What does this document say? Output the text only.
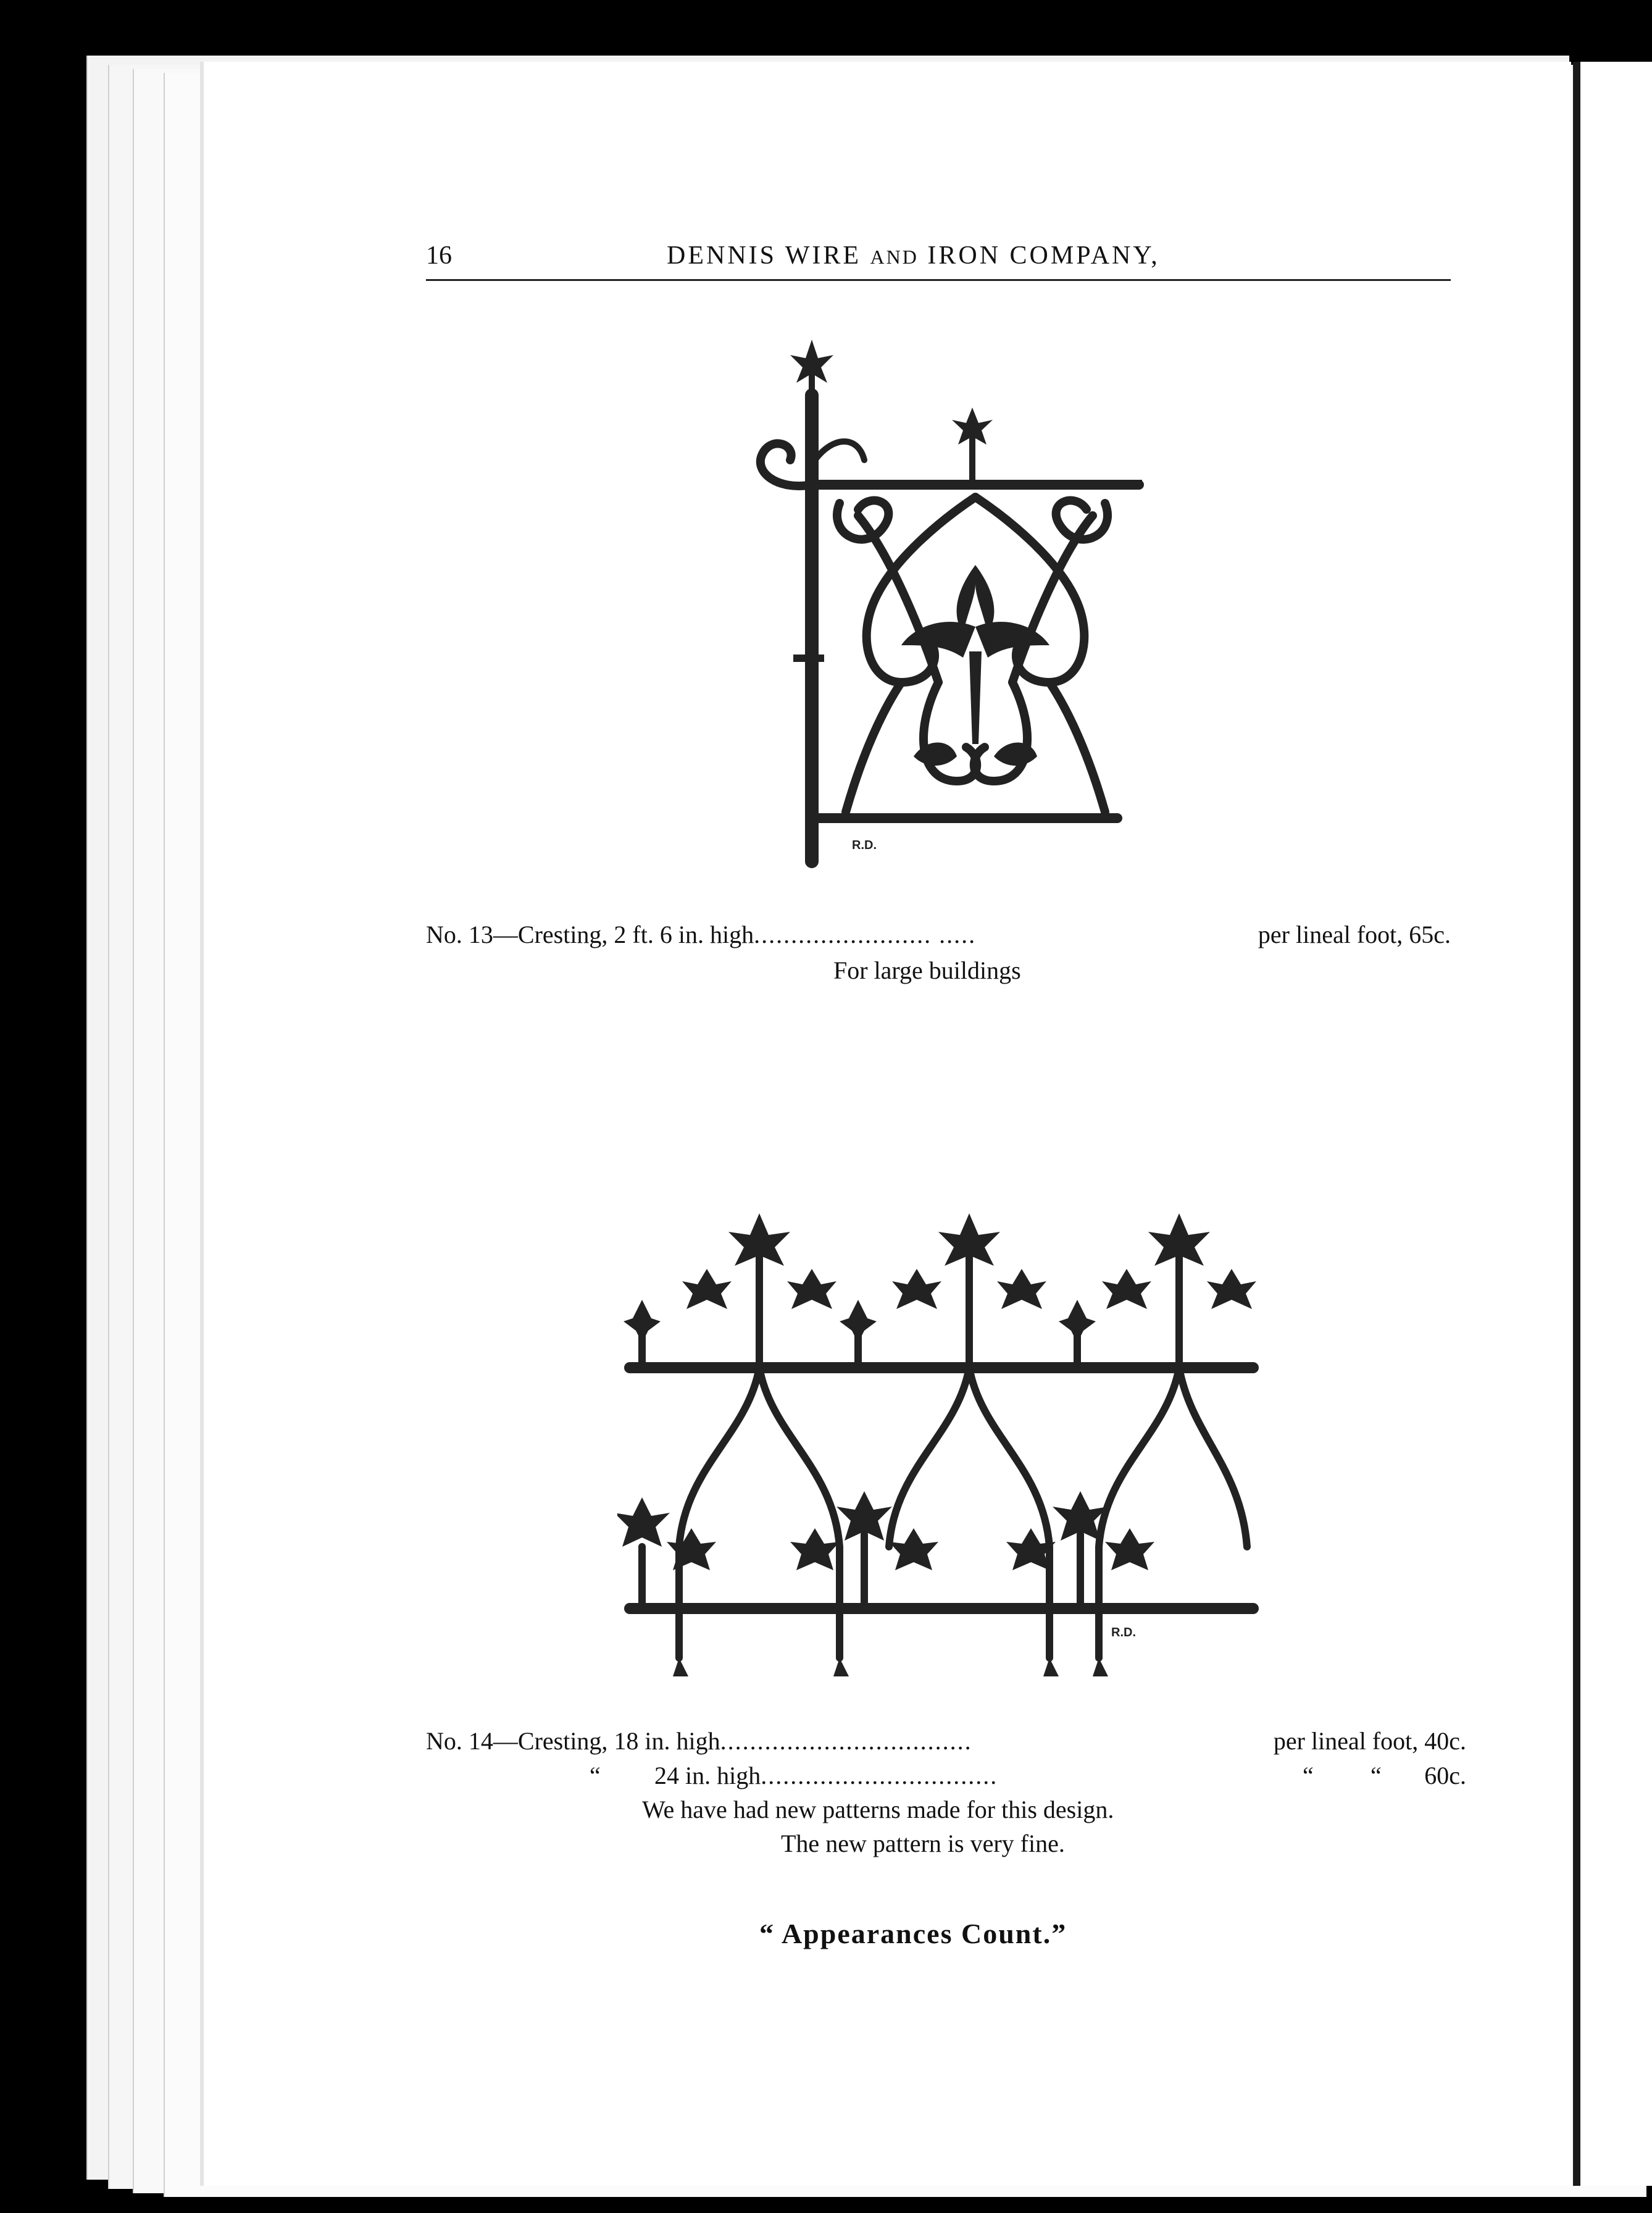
16	DENNIS WIRE AND IRON COMPANY,
R.D.
No. 13—Cresting, 2 ft. 6 in. high........................ .....	per lineal foot, 65c.
For large buildings
R.D.
No. 14—Cresting, 18 in. high..................................	per lineal foot, 40c.
“ 24 in. high................................	“ “ 60c.
We have had new patterns made for this design.
The new pattern is very fine.
“ Appearances Count.”
